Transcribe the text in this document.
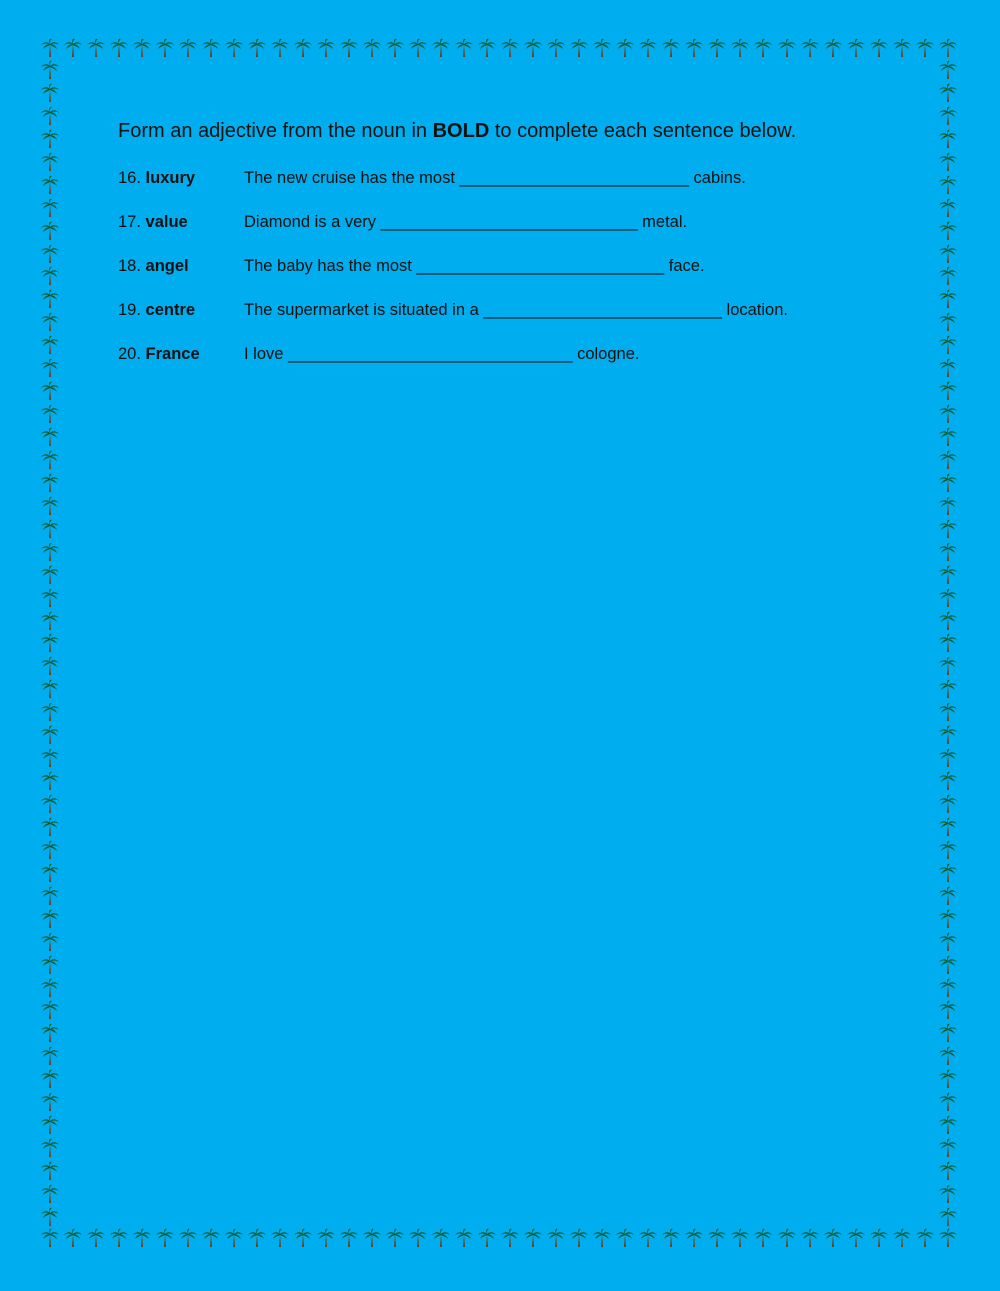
Form an adjective from the noun in BOLD to complete each sentence below.

16. luxury	The new cruise has the most _________________________ cabins.
17. value	Diamond is a very ____________________________ metal.
18. angel	The baby has the most ___________________________ face.
19. centre	The supermarket is situated in a __________________________ location.
20. France	I love _______________________________ cologne.
